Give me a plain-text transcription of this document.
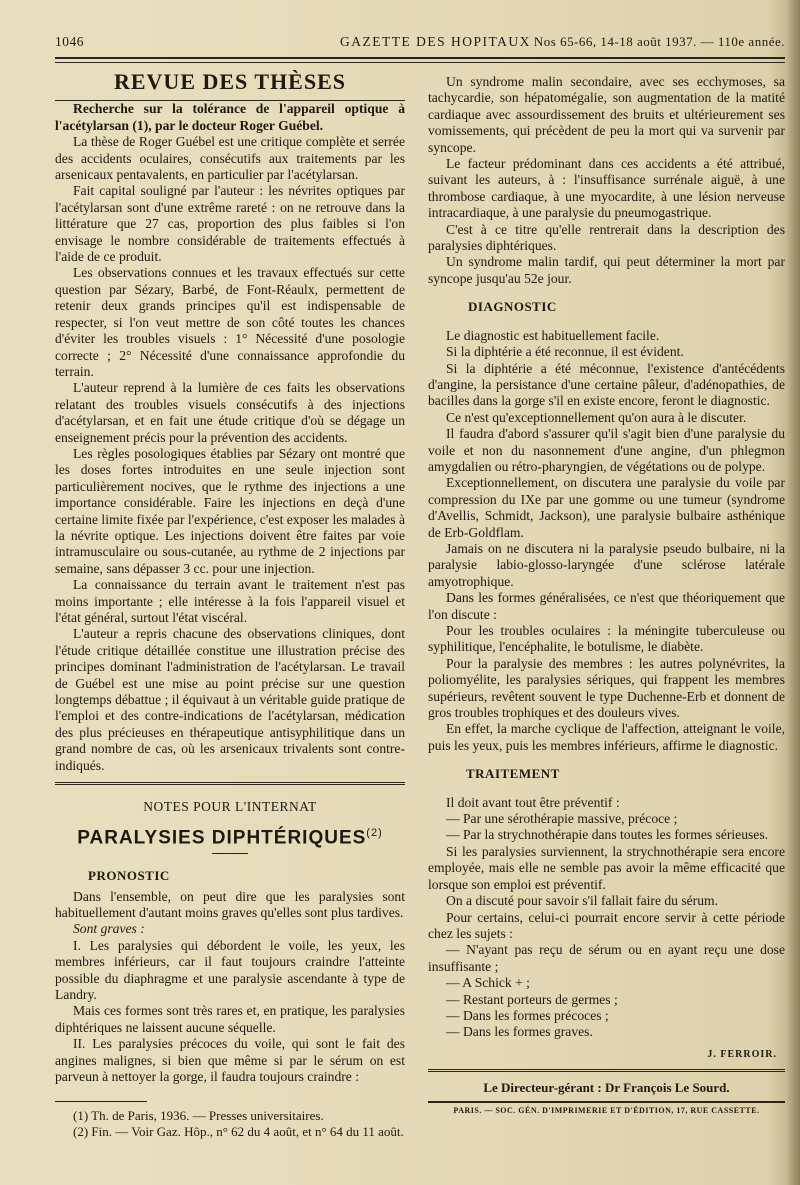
1046	GAZETTE DES HOPITAUX Nos 65-66, 14-18 août 1937. — 110e année.
REVUE DES THÈSES

Recherche sur la tolérance de l'appareil optique à l'acétylarsan (1), par le docteur Roger Guébel.

La thèse de Roger Guébel est une critique complète et serrée des accidents oculaires, consécutifs aux traitements par les arsenicaux pentavalents, en particulier par l'acétylarsan.

Fait capital souligné par l'auteur : les névrites optiques par l'acétylarsan sont d'une extrême rareté : on ne retrouve dans la littérature que 27 cas, proportion des plus faibles si l'on envisage le nombre considérable de traitements effectués à l'aide de ce produit.

Les observations connues et les travaux effectués sur cette question par Sézary, Barbé, de Font-Réaulx, permettent de retenir deux grands principes qu'il est indispensable de respecter, si l'on veut mettre de son côté toutes les chances d'éviter les troubles visuels : 1° Nécessité d'une posologie correcte ; 2° Nécessité d'une connaissance approfondie du terrain.

L'auteur reprend à la lumière de ces faits les observations relatant des troubles visuels consécutifs à des injections d'acétylarsan, et en fait une étude critique d'où se dégage un enseignement précis pour la prévention des accidents.

Les règles posologiques établies par Sézary ont montré que les doses fortes introduites en une seule injection sont particulièrement nocives, que le rythme des injections a une importance considérable. Faire les injections en deçà d'une certaine limite fixée par l'expérience, c'est exposer les malades à la névrite optique. Les injections doivent être faites par voie intramusculaire ou sous-cutanée, au rythme de 2 injections par semaine, sans dépasser 3 cc. pour une injection.

La connaissance du terrain avant le traitement n'est pas moins importante ; elle intéresse à la fois l'appareil visuel et l'état général, surtout l'état viscéral.

L'auteur a repris chacune des observations cliniques, dont l'étude critique détaillée constitue une illustration précise des principes dominant l'administration de l'acétylarsan. Le travail de Guébel est une mise au point précise sur une question longtemps débattue ; il équivaut à un véritable guide pratique de l'emploi et des contre-indications de l'acétylarsan, médication des plus précieuses en thérapeutique antisyphilitique dans un grand nombre de cas, où les arsenicaux trivalents sont contre-indiqués.

NOTES POUR L'INTERNAT
PARALYSIES DIPHTÉRIQUES$^{(2)}$
PRONOSTIC

Dans l'ensemble, on peut dire que les paralysies sont habituellement d'autant moins graves qu'elles sont plus tardives.

Sont graves :

I. Les paralysies qui débordent le voile, les yeux, les membres inférieurs, car il faut toujours craindre l'atteinte possible du diaphragme et une paralysie ascendante à type de Landry.

Mais ces formes sont très rares et, en pratique, les paralysies diphtériques ne laissent aucune séquelle.

II. Les paralysies précoces du voile, qui sont le fait des angines malignes, si bien que même si par le sérum on est parveun à nettoyer la gorge, il faudra toujours craindre :

(1) Th. de Paris, 1936. — Presses universitaires.

(2) Fin. — Voir Gaz. Hôp., n° 62 du 4 août, et n° 64 du 11 août.

Un syndrome malin secondaire, avec ses ecchymoses, sa tachycardie, son hépatomégalie, son augmentation de la matité cardiaque avec assourdissement des bruits et ultérieurement ses vomissements, qui précèdent de peu la mort qui va survenir par syncope.

Le facteur prédominant dans ces accidents a été attribué, suivant les auteurs, à : l'insuffisance surrénale aiguë, à une thrombose cardiaque, à une myocardite, à une lésion nerveuse intracardiaque, à une paralysie du pneumogastrique.

C'est à ce titre qu'elle rentrerait dans la description des paralysies diphtériques.

Un syndrome malin tardif, qui peut déterminer la mort par syncope jusqu'au 52e jour.

DIAGNOSTIC

Le diagnostic est habituellement facile.

Si la diphtérie a été reconnue, il est évident.

Si la diphtérie a été méconnue, l'existence d'antécédents d'angine, la persistance d'une certaine pâleur, d'adénopathies, de bacilles dans la gorge s'il en existe encore, feront le diagnostic.

Ce n'est qu'exceptionnellement qu'on aura à le discuter.

Il faudra d'abord s'assurer qu'il s'agit bien d'une paralysie du voile et non du nasonnement d'une angine, d'un phlegmon amygdalien ou rétro-pharyngien, de végétations ou de polype.

Exceptionnellement, on discutera une paralysie du voile par compression du IXe par une gomme ou une tumeur (syndrome d'Avellis, Schmidt, Jackson), une paralysie bulbaire asthénique de Erb-Goldflam.

Jamais on ne discutera ni la paralysie pseudo bulbaire, ni la paralysie labio-glosso-laryngée d'une sclérose latérale amyotrophique.

Dans les formes généralisées, ce n'est que théoriquement que l'on discute :

Pour les troubles oculaires : la méningite tuberculeuse ou syphilitique, l'encéphalite, le botulisme, le diabète.

Pour la paralysie des membres : les autres polynévrites, la poliomyélite, les paralysies sériques, qui frappent les membres supérieurs, revêtent souvent le type Duchenne-Erb et donnent de gros troubles trophiques et des douleurs vives.

En effet, la marche cyclique de l'affection, atteignant le voile, puis les yeux, puis les membres inférieurs, affirme le diagnostic.

TRAITEMENT

Il doit avant tout être préventif :

— Par une sérothérapie massive, précoce ;

— Par la strychnothérapie dans toutes les formes sérieuses.

Si les paralysies surviennent, la strychnothérapie sera encore employée, mais elle ne semble pas avoir la même efficacité que lorsque son emploi est préventif.

On a discuté pour savoir s'il fallait faire du sérum.

Pour certains, celui-ci pourrait encore servir à cette période chez les sujets :

— N'ayant pas reçu de sérum ou en ayant reçu une dose insuffisante ;

— A Schick + ;

— Restant porteurs de germes ;

— Dans les formes précoces ;

— Dans les formes graves.

J. FERROIR.
Le Directeur-gérant : Dr François Le Sourd.
PARIS. — SOC. GÉN. D'IMPRIMERIE ET D'ÉDITION, 17, RUE CASSETTE.
